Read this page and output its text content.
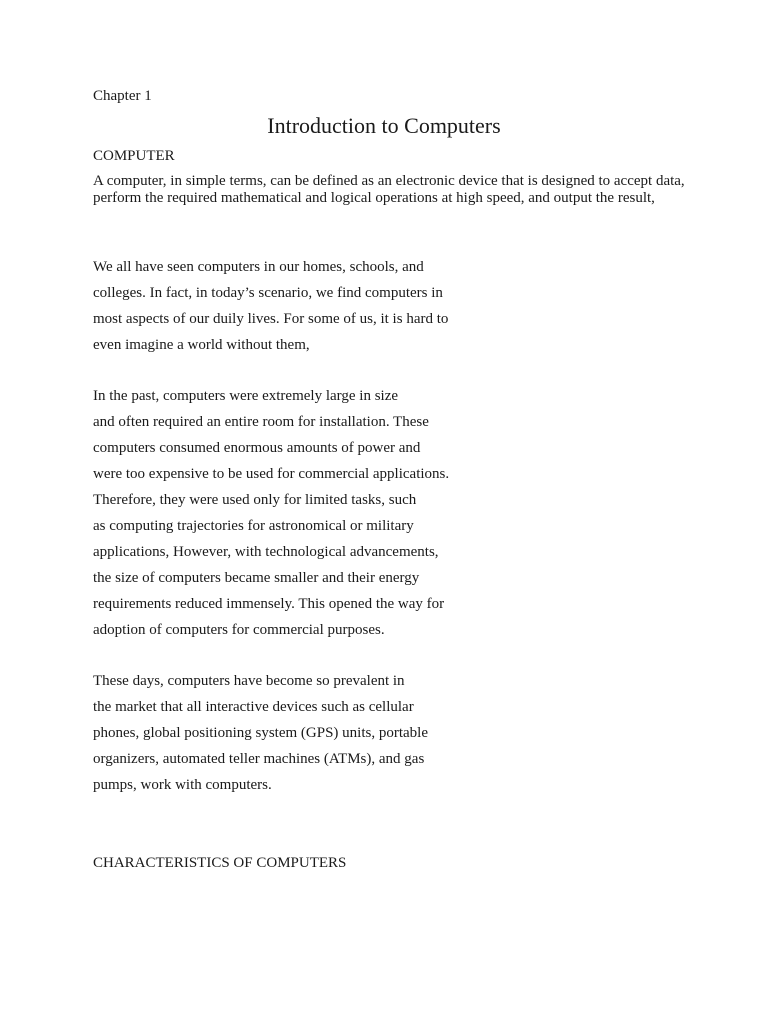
Chapter 1
Introduction to Computers
COMPUTER

A computer, in simple terms, can be defined as an electronic device that is designed to accept data, perform the required mathematical and logical operations at high speed, and output the result,

We all have seen computers in our homes, schools, and
colleges. In fact, in today’s scenario, we find computers in
most aspects of our duily lives. For some of us, it is hard to
even imagine a world without them,
In the past, computers were extremely large in size
and often required an entire room for installation. These
computers consumed enormous amounts of power and
were too expensive to be used for commercial applications.
Therefore, they were used only for limited tasks, such
as computing trajectories for astronomical or military
applications, However, with technological advancements,
the size of computers became smaller and their energy
requirements reduced immensely. This opened the way for
adoption of computers for commercial purposes.
These days, computers have become so prevalent in
the market that all interactive devices such as cellular
phones, global positioning system (GPS) units, portable
organizers, automated teller machines (ATMs), and gas
pumps, work with computers.
CHARACTERISTICS OF COMPUTERS
